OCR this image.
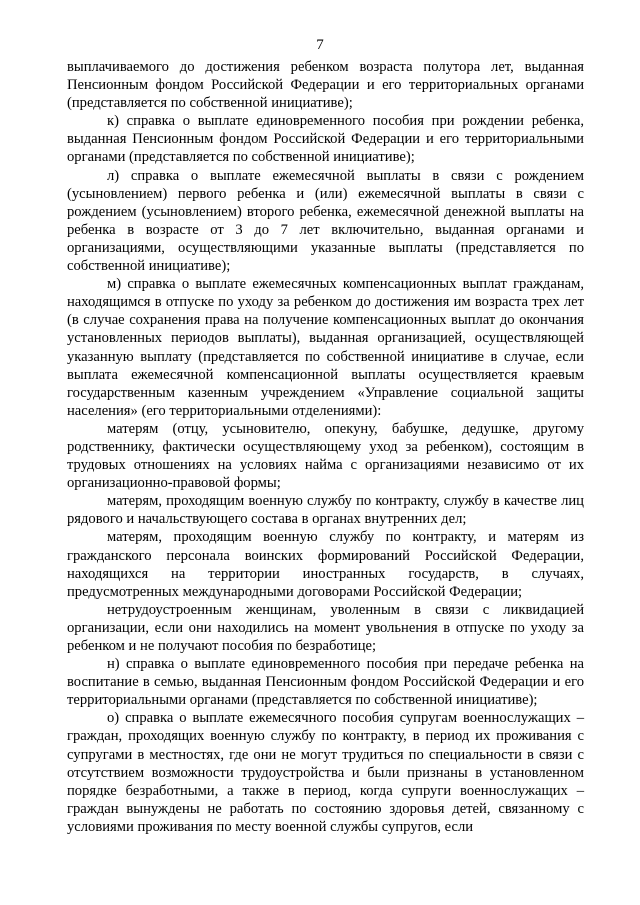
7

выплачиваемого до достижения ребенком возраста полутора лет, выданная Пенсионным фондом Российской Федерации и его территориальных органами (представляется по собственной инициативе);

к) справка о выплате единовременного пособия при рождении ребенка, выданная Пенсионным фондом Российской Федерации и его территориальными органами (представляется по собственной инициативе);

л) справка о выплате ежемесячной выплаты в связи с рождением (усыновлением) первого ребенка и (или) ежемесячной выплаты в связи с рождением (усыновлением) второго ребенка, ежемесячной денежной выплаты на ребенка в возрасте от 3 до 7 лет включительно, выданная органами и организациями, осуществляющими указанные выплаты (представляется по собственной инициативе);

м) справка о выплате ежемесячных компенсационных выплат гражданам, находящимся в отпуске по уходу за ребенком до достижения им возраста трех лет (в случае сохранения права на получение компенсационных выплат до окончания установленных периодов выплаты), выданная организацией, осуществляющей указанную выплату (представляется по собственной инициативе в случае, если выплата ежемесячной компенсационной выплаты осуществляется краевым государственным казенным учреждением «Управление социальной защиты населения» (его территориальными отделениями):

матерям (отцу, усыновителю, опекуну, бабушке, дедушке, другому родственнику, фактически осуществляющему уход за ребенком), состоящим в трудовых отношениях на условиях найма с организациями независимо от их организационно-правовой формы;

матерям, проходящим военную службу по контракту, службу в качестве лиц рядового и начальствующего состава в органах внутренних дел;

матерям, проходящим военную службу по контракту, и матерям из гражданского персонала воинских формирований Российской Федерации, находящихся на территории иностранных государств, в случаях, предусмотренных международными договорами Российской Федерации;

нетрудоустроенным женщинам, уволенным в связи с ликвидацией организации, если они находились на момент увольнения в отпуске по уходу за ребенком и не получают пособия по безработице;

н) справка о выплате единовременного пособия при передаче ребенка на воспитание в семью, выданная Пенсионным фондом Российской Федерации и его территориальными органами (представляется по собственной инициативе);

о) справка о выплате ежемесячного пособия супругам военнослужащих – граждан, проходящих военную службу по контракту, в период их проживания с супругами в местностях, где они не могут трудиться по специальности в связи с отсутствием возможности трудоустройства и были признаны в установленном порядке безработными, а также в период, когда супруги военнослужащих – граждан вынуждены не работать по состоянию здоровья детей, связанному с условиями проживания по месту военной службы супругов, если
